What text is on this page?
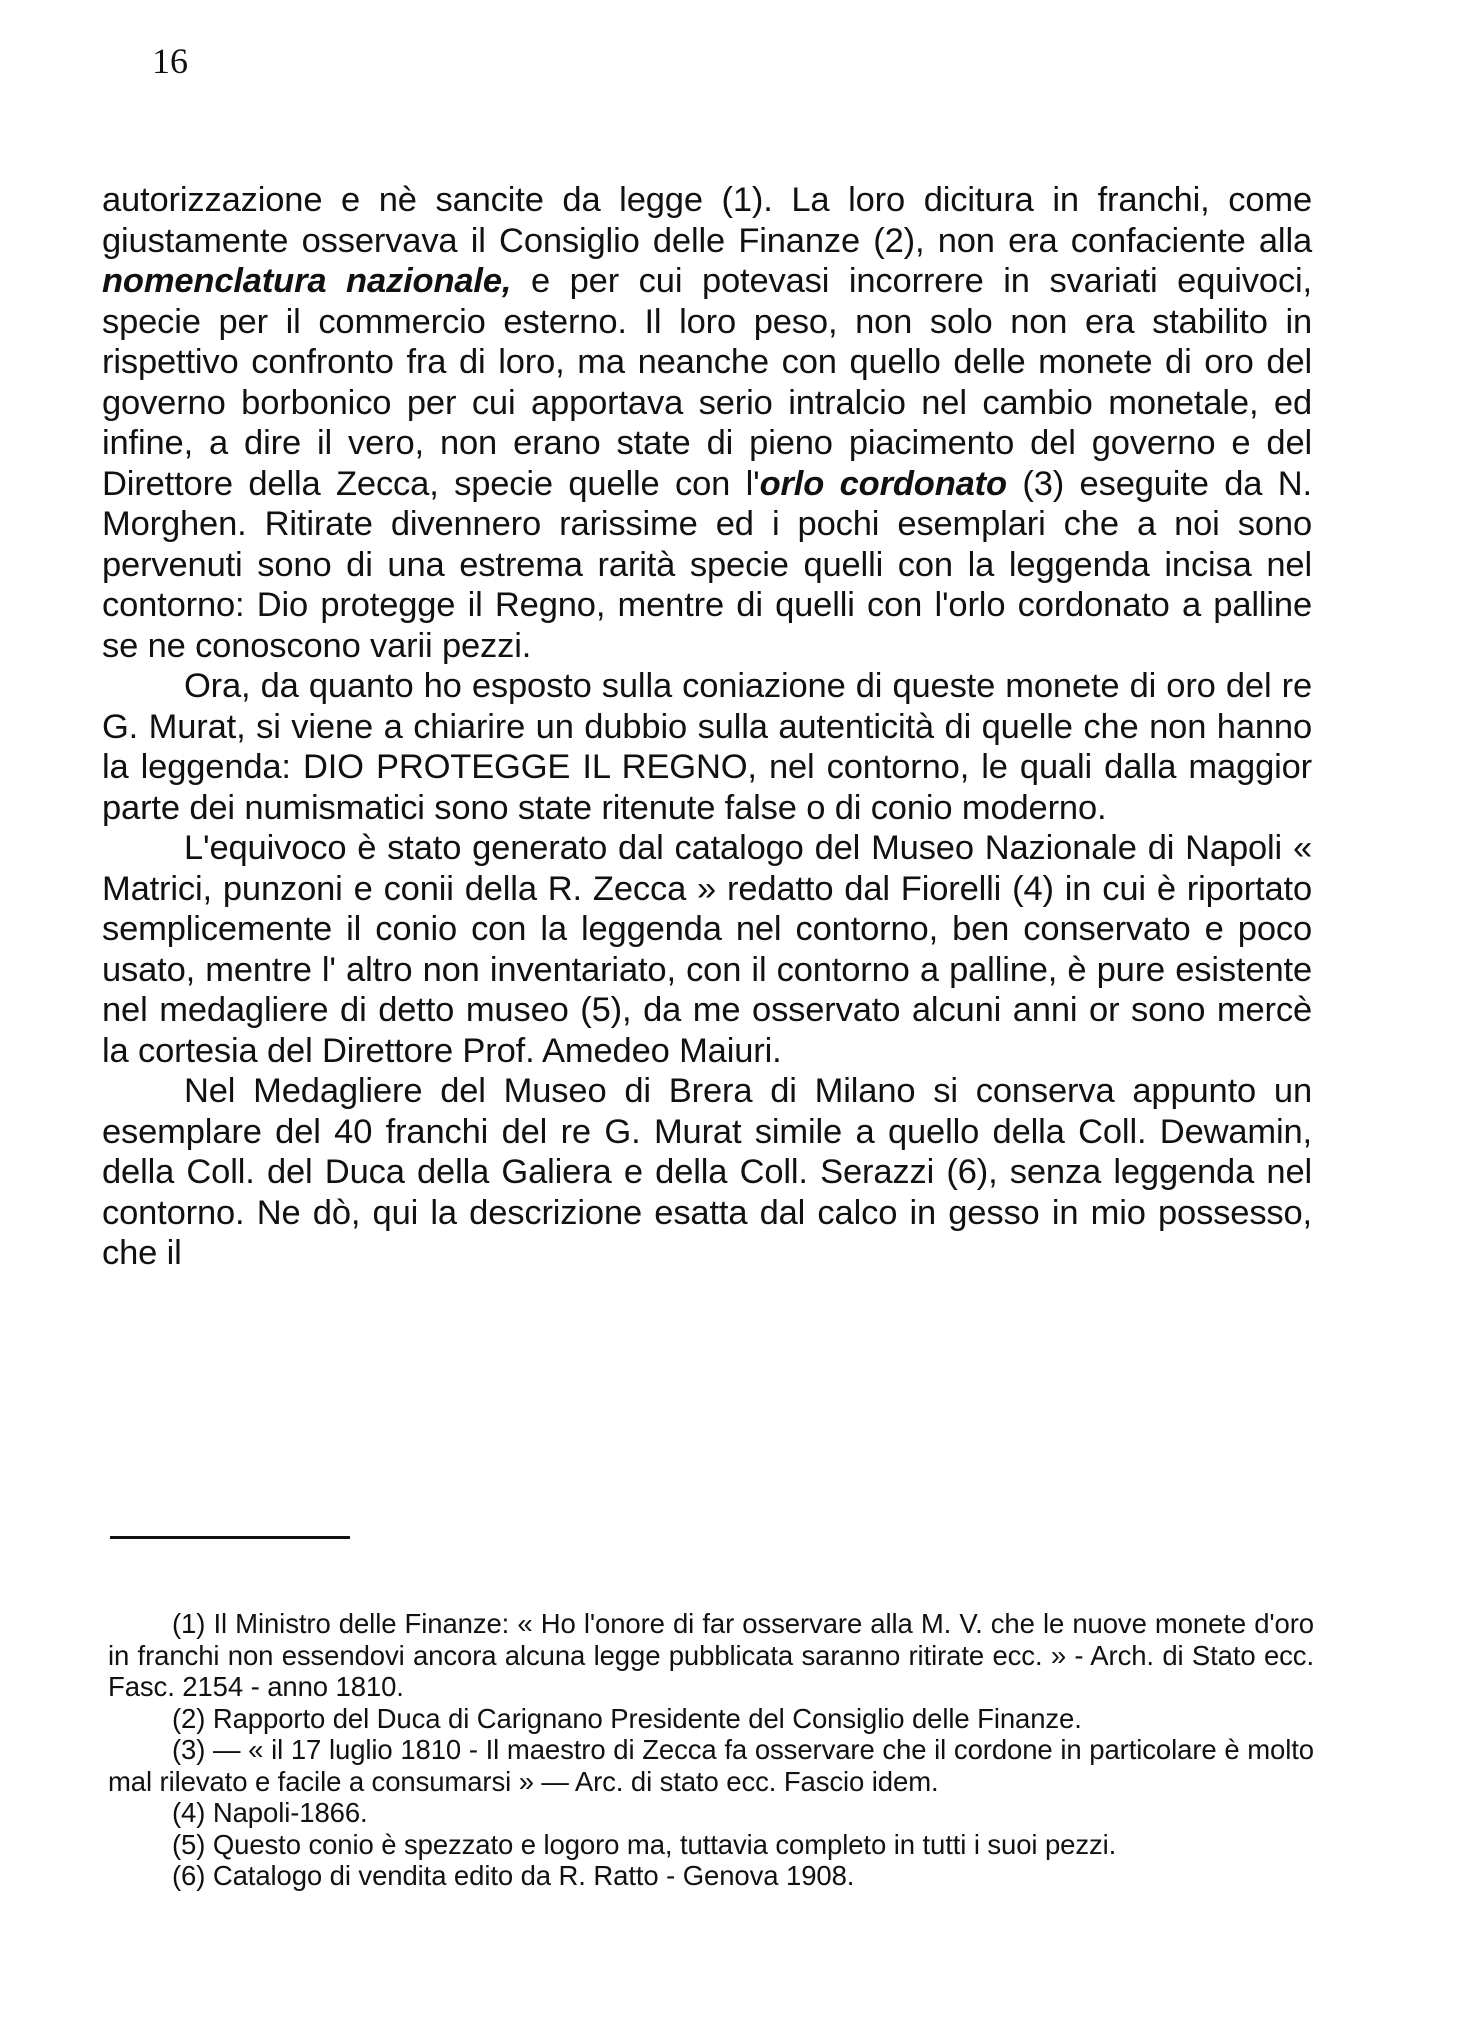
16

autorizzazione e nè sancite da legge (1). La loro dicitura in franchi, come giustamente osservava il Consiglio delle Finanze (2), non era confaciente alla nomenclatura nazionale, e per cui potevasi incorrere in svariati equivoci, specie per il commercio esterno. Il loro peso, non solo non era stabilito in rispettivo confronto fra di loro, ma neanche con quello delle monete di oro del governo borbonico per cui apportava serio intralcio nel cambio monetale, ed infine, a dire il vero, non erano state di pieno piacimento del governo e del Direttore della Zecca, specie quelle con l'orlo cordonato (3) eseguite da N. Morghen. Ritirate divennero rarissime ed i pochi esemplari che a noi sono pervenuti sono di una estrema rarità specie quelli con la leggenda incisa nel contorno: Dio protegge il Regno, mentre di quelli con l'orlo cordonato a palline se ne conoscono varii pezzi.

Ora, da quanto ho esposto sulla coniazione di queste monete di oro del re G. Murat, si viene a chiarire un dubbio sulla autenticità di quelle che non hanno la leggenda: DIO PROTEGGE IL REGNO, nel contorno, le quali dalla maggior parte dei numismatici sono state ritenute false o di conio moderno.

L'equivoco è stato generato dal catalogo del Museo Nazionale di Napoli « Matrici, punzoni e conii della R. Zecca » redatto dal Fiorelli (4) in cui è riportato semplicemente il conio con la leggenda nel contorno, ben conservato e poco usato, mentre l' altro non inventariato, con il contorno a palline, è pure esistente nel medagliere di detto museo (5), da me osservato alcuni anni or sono mercè la cortesia del Direttore Prof. Amedeo Maiuri.

Nel Medagliere del Museo di Brera di Milano si conserva appunto un esemplare del 40 franchi del re G. Murat simile a quello della Coll. Dewamin, della Coll. del Duca della Galiera e della Coll. Serazzi (6), senza leggenda nel contorno. Ne dò, qui la descrizione esatta dal calco in gesso in mio possesso, che il

(1) Il Ministro delle Finanze: « Ho l'onore di far osservare alla M. V. che le nuove monete d'oro in franchi non essendovi ancora alcuna legge pubblicata saranno ritirate ecc. » - Arch. di Stato ecc. Fasc. 2154 - anno 1810.

(2) Rapporto del Duca di Carignano Presidente del Consiglio delle Finanze.

(3) — « il 17 luglio 1810 - Il maestro di Zecca fa osservare che il cordone in particolare è molto mal rilevato e facile a consumarsi » — Arc. di stato ecc. Fascio idem.

(4) Napoli-1866.

(5) Questo conio è spezzato e logoro ma, tuttavia completo in tutti i suoi pezzi.

(6) Catalogo di vendita edito da R. Ratto - Genova 1908.
